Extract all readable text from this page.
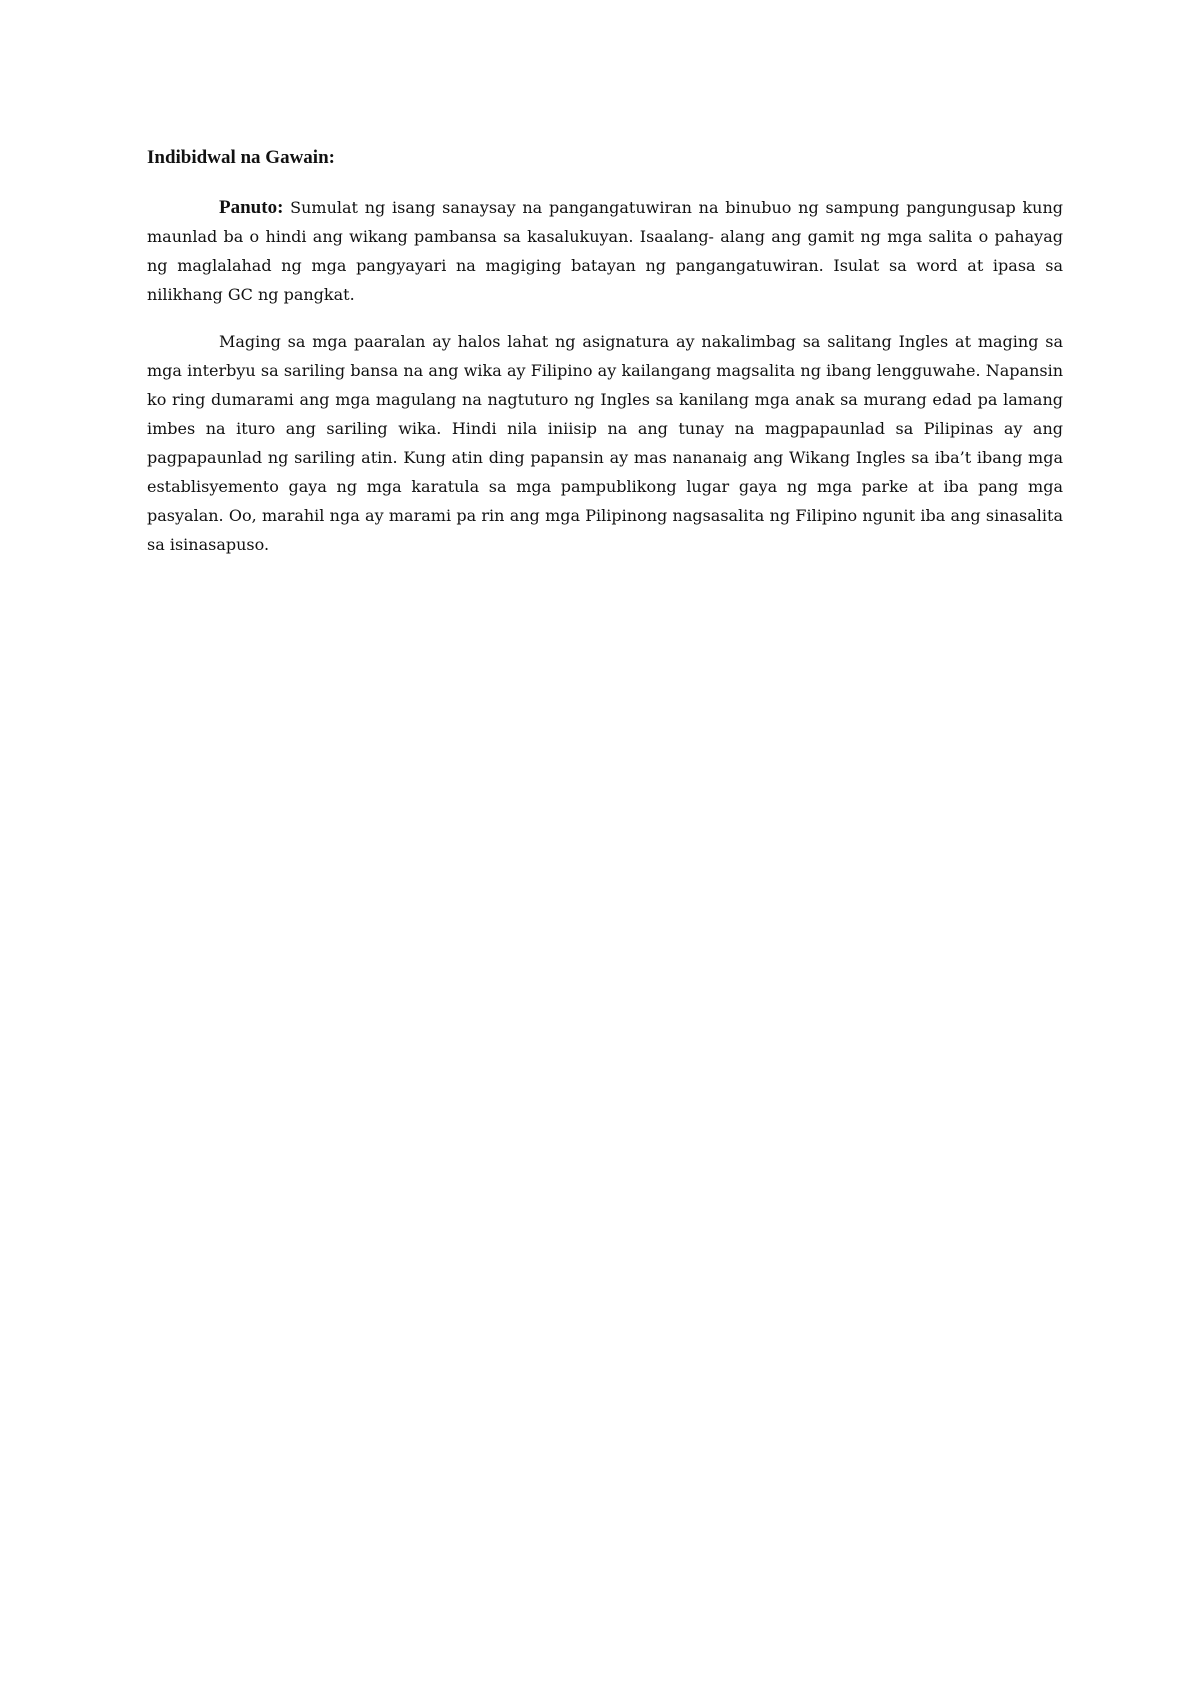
Indibidwal na Gawain:

Panuto: Sumulat ng isang sanaysay na pangangatuwiran na binubuo ng sampung pangungusap kung maunlad ba o hindi ang wikang pambansa sa kasalukuyan. Isaalang- alang ang gamit ng mga salita o pahayag ng maglalahad ng mga pangyayari na magiging batayan ng pangangatuwiran. Isulat sa word at ipasa sa nilikhang GC ng pangkat.

Maging sa mga paaralan ay halos lahat ng asignatura ay nakalimbag sa salitang Ingles at maging sa mga interbyu sa sariling bansa na ang wika ay Filipino ay kailangang magsalita ng ibang lengguwahe. Napansin ko ring dumarami ang mga magulang na nagtuturo ng Ingles sa kanilang mga anak sa murang edad pa lamang imbes na ituro ang sariling wika. Hindi nila iniisip na ang tunay na magpapaunlad sa Pilipinas ay ang pagpapaunlad ng sariling atin. Kung atin ding papansin ay mas nananaig ang Wikang Ingles sa iba’t ibang mga establisyemento gaya ng mga karatula sa mga pampublikong lugar gaya ng mga parke at iba pang mga pasyalan. Oo, marahil nga ay marami pa rin ang mga Pilipinong nagsasalita ng Filipino ngunit iba ang sinasalita sa isinasapuso.
